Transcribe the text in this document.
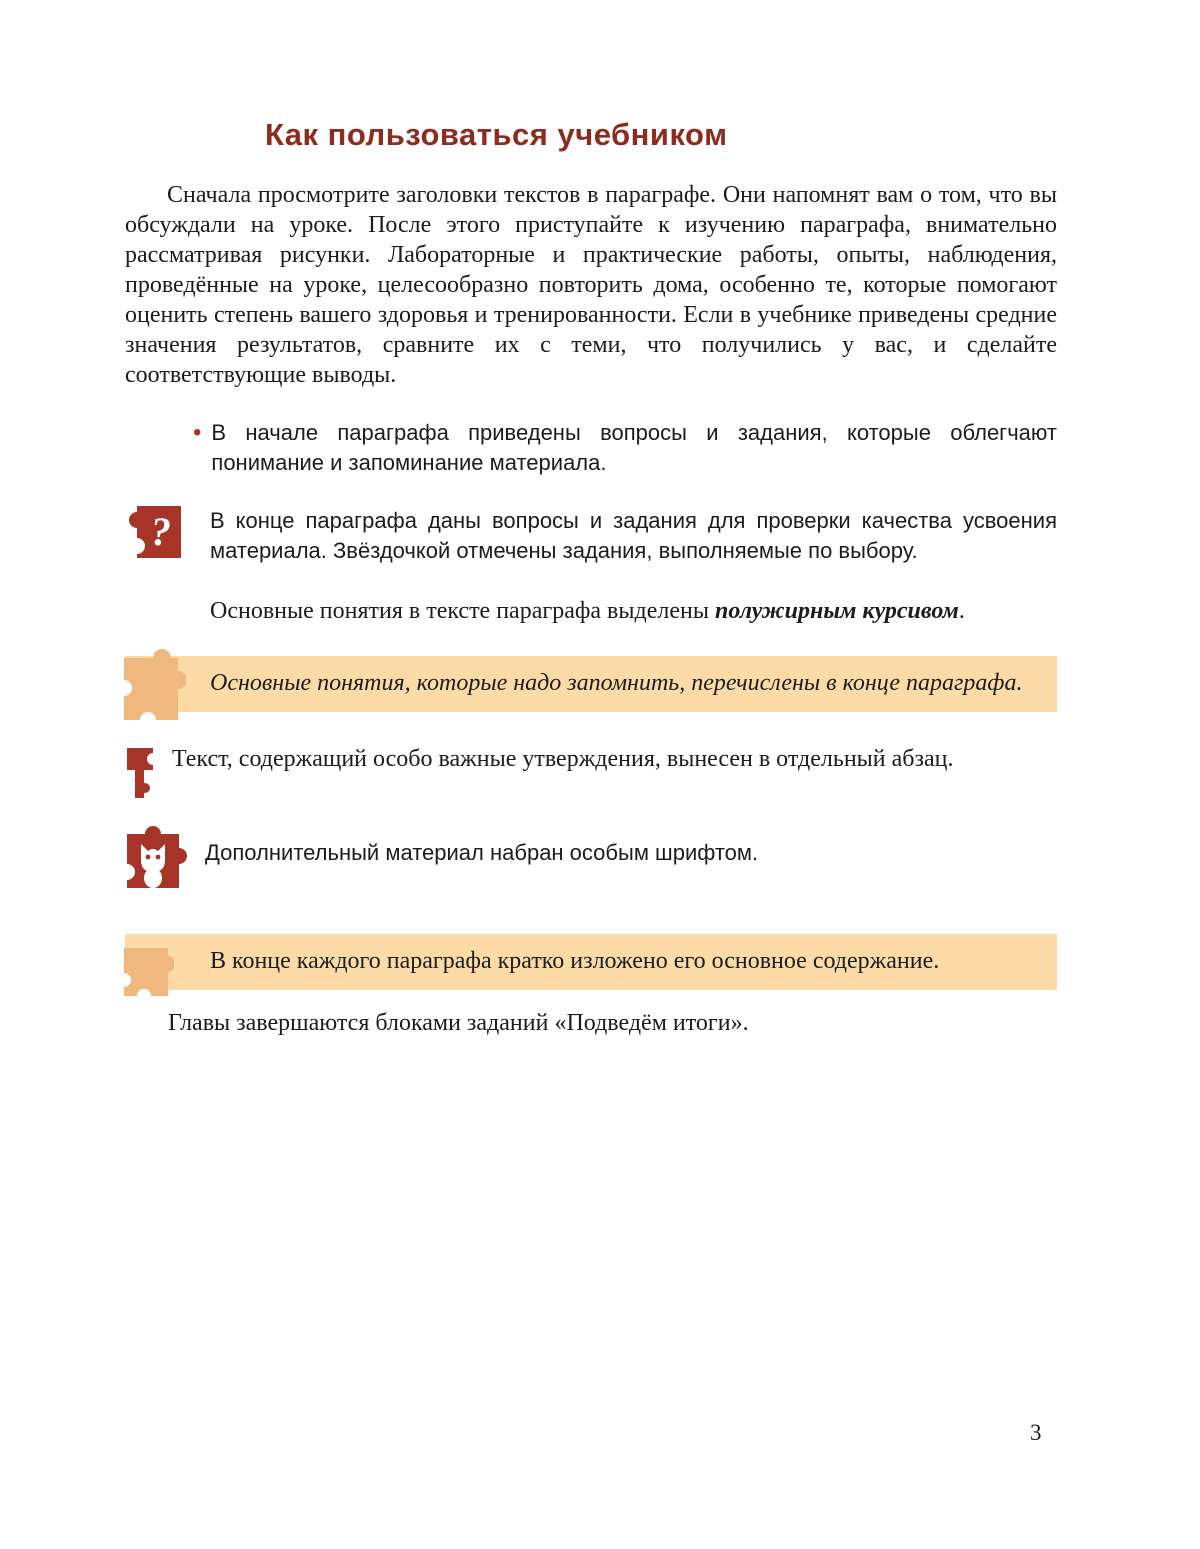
Как пользоваться учебником

Сначала просмотрите заголовки текстов в параграфе. Они напомнят вам о том, что вы обсуждали на уроке. После этого приступайте к изучению параграфа, внимательно рассматривая рисунки. Лабораторные и практические работы, опыты, наблюдения, проведённые на уроке, целесообразно повторить дома, особенно те, которые помогают оценить степень вашего здоровья и тренированности. Если в учебнике приведены средние значения результатов, сравните их с теми, что получились у вас, и сделайте соответствующие выводы.

• В начале параграфа приведены вопросы и задания, которые облегчают понимание и запоминание материала.

? В конце параграфа даны вопросы и задания для проверки качества усвоения материала. Звёздочкой отмечены задания, выполняемые по выбору.

Основные понятия в тексте параграфа выделены полужирным курсивом.

Основные понятия, которые надо запомнить, перечислены в конце параграфа.

Текст, содержащий особо важные утверждения, вынесен в отдельный абзац.

Дополнительный материал набран особым шрифтом.

В конце каждого параграфа кратко изложено его основное содержание.

Главы завершаются блоками заданий «Подведём итоги».

3
